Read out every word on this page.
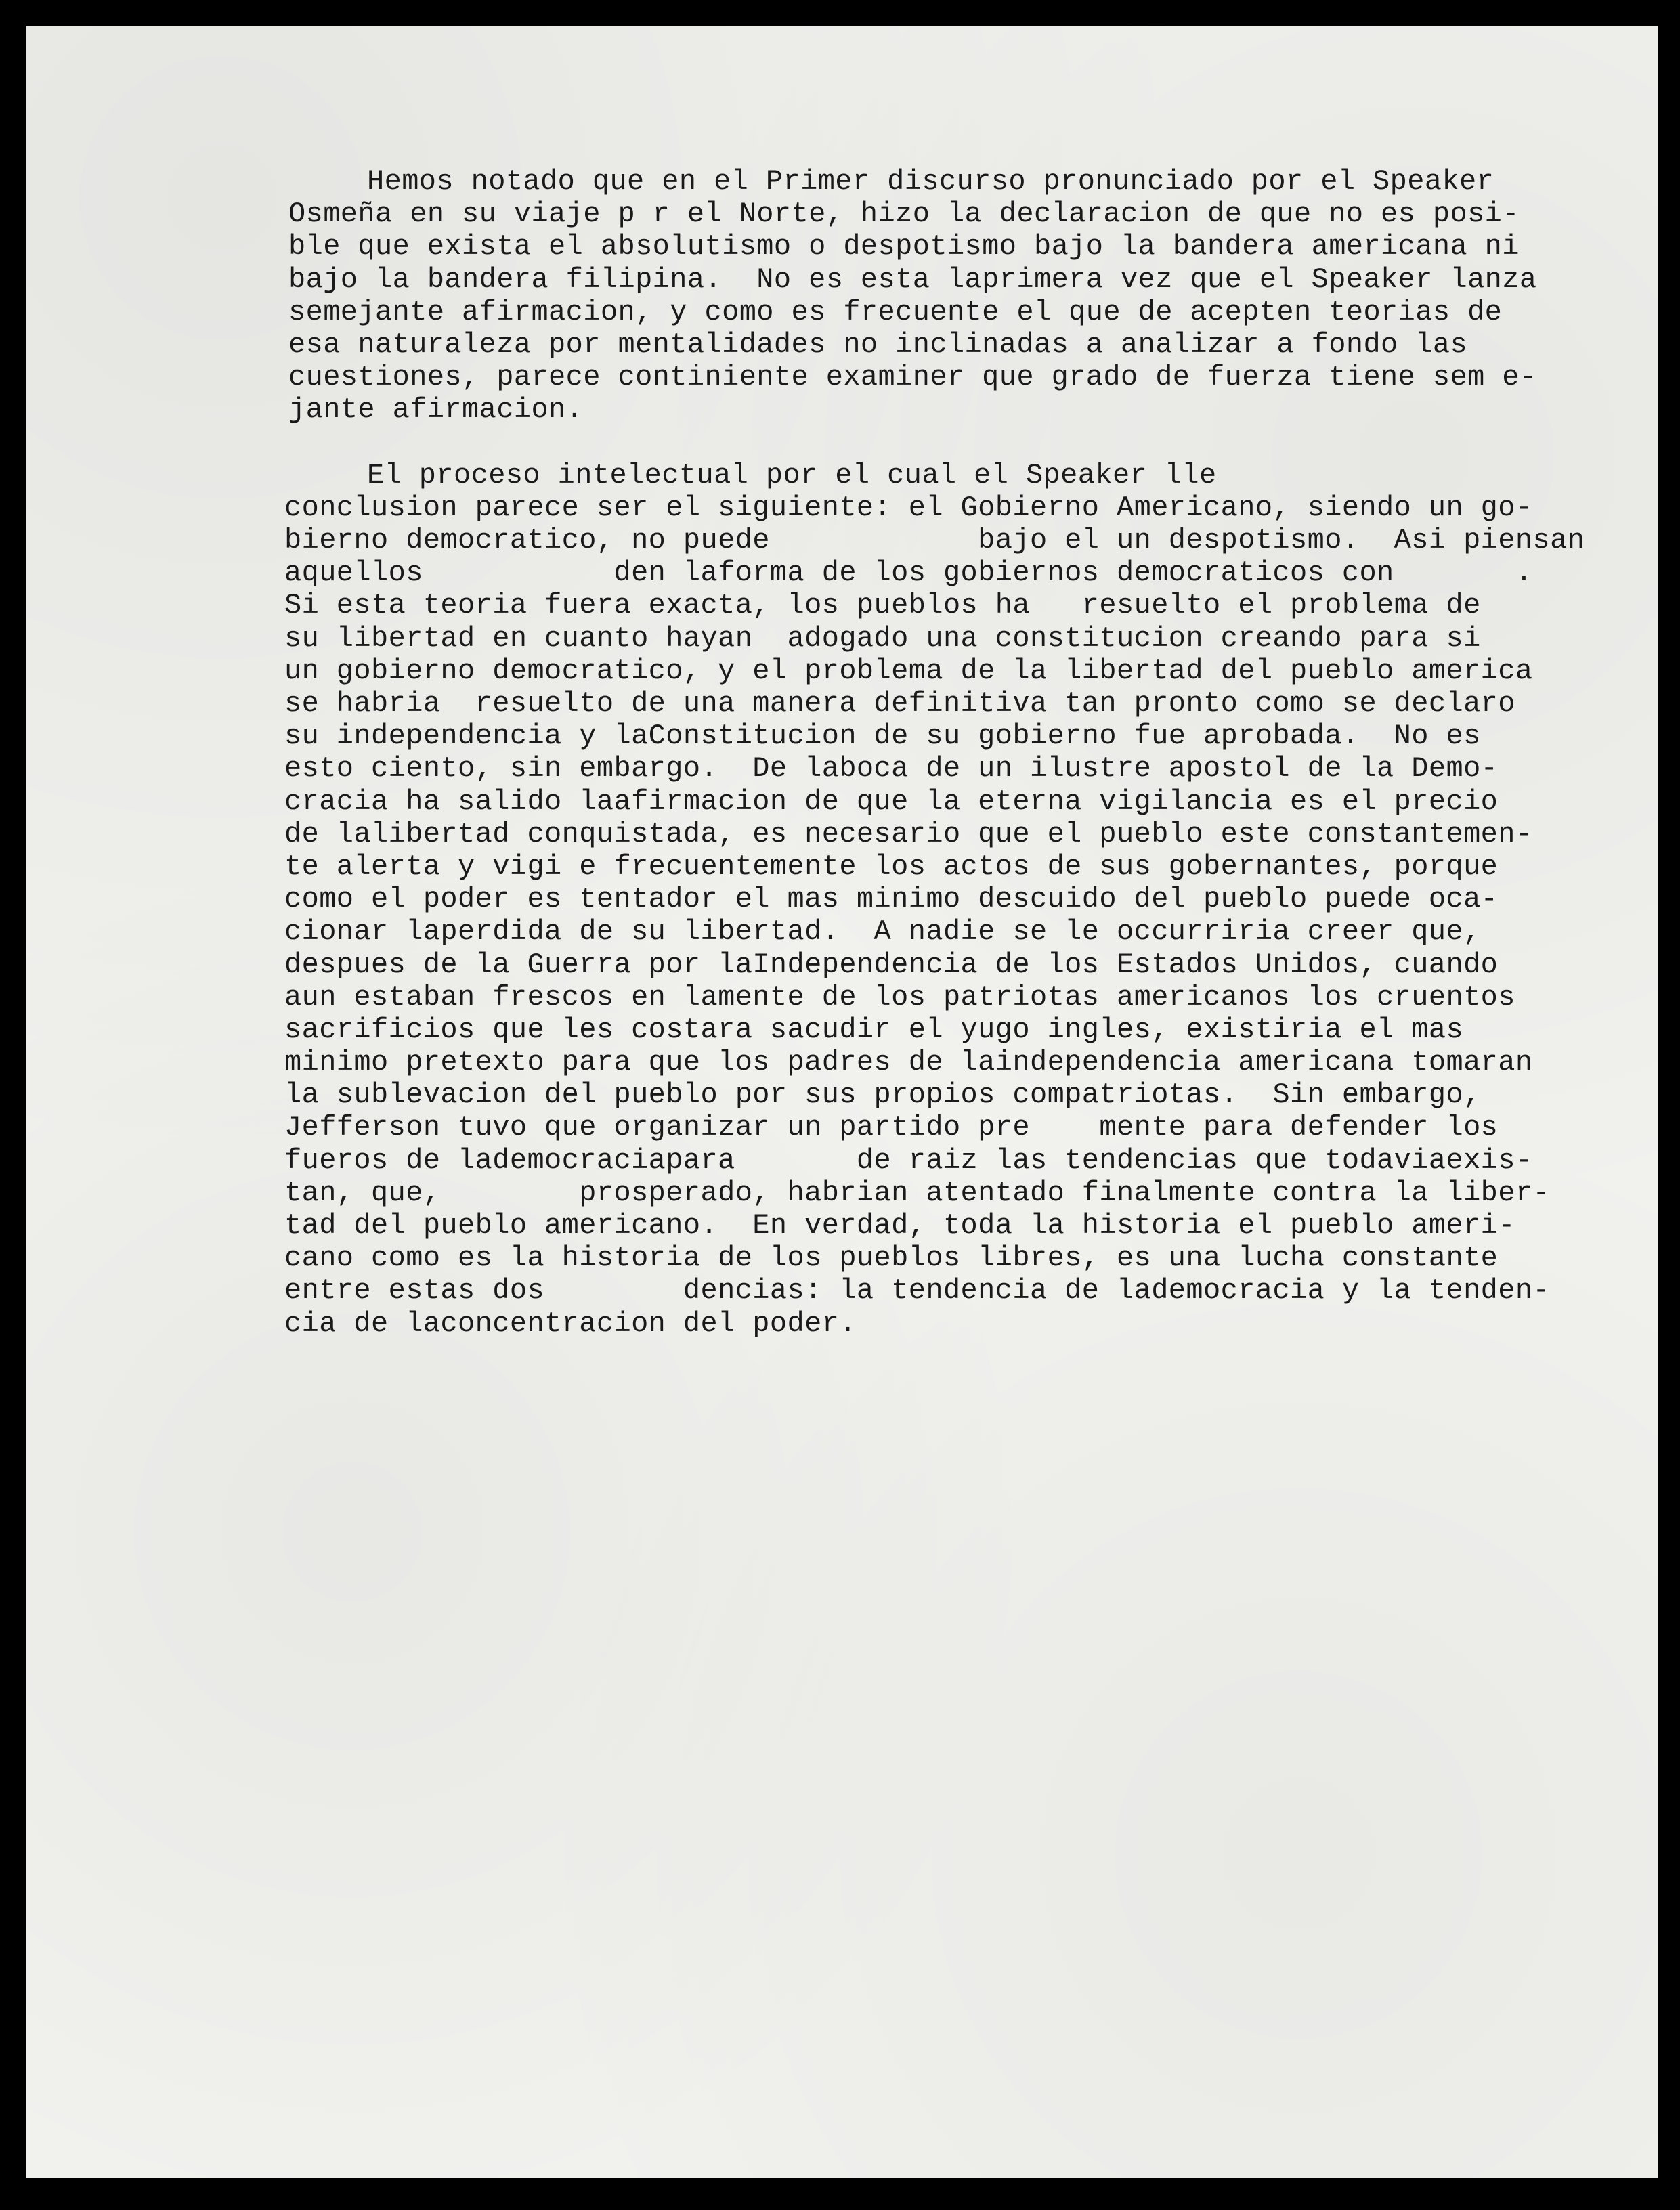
Hemos notado que en el Primer discurso pronunciado por el Speaker
Osmeña en su viaje p r el Norte, hizo la declaracion de que no es posi-
ble que exista el absolutismo o despotismo bajo la bandera americana ni
bajo la bandera filipina.  No es esta laprimera vez que el Speaker lanza
semejante afirmacion, y como es frecuente el que de acepten teorias de
esa naturaleza por mentalidades no inclinadas a analizar a fondo las
cuestiones, parece continiente examiner que grado de fuerza tiene sem e-
jante afirmacion.
El proceso intelectual por el cual el Speaker lle
conclusion parece ser el siguiente: el Gobierno Americano, siendo un go-
bierno democratico, no puede            bajo el un despotismo.  Asi piensan
aquellos           den laforma de los gobiernos democraticos con       .
Si esta teoria fuera exacta, los pueblos ha   resuelto el problema de
su libertad en cuanto hayan  adogado una constitucion creando para si
un gobierno democratico, y el problema de la libertad del pueblo america
se habria  resuelto de una manera definitiva tan pronto como se declaro
su independencia y laConstitucion de su gobierno fue aprobada.  No es
esto ciento, sin embargo.  De laboca de un ilustre apostol de la Demo-
cracia ha salido laafirmacion de que la eterna vigilancia es el precio
de lalibertad conquistada, es necesario que el pueblo este constantemen-
te alerta y vigi e frecuentemente los actos de sus gobernantes, porque
como el poder es tentador el mas minimo descuido del pueblo puede oca-
cionar laperdida de su libertad.  A nadie se le occurriria creer que,
despues de la Guerra por laIndependencia de los Estados Unidos, cuando
aun estaban frescos en lamente de los patriotas americanos los cruentos
sacrificios que les costara sacudir el yugo ingles, existiria el mas
minimo pretexto para que los padres de laindependencia americana tomaran
la sublevacion del pueblo por sus propios compatriotas.  Sin embargo,
Jefferson tuvo que organizar un partido pre    mente para defender los
fueros de lademocraciapara       de raiz las tendencias que todaviaexis-
tan, que,        prosperado, habrian atentado finalmente contra la liber-
tad del pueblo americano.  En verdad, toda la historia el pueblo ameri-
cano como es la historia de los pueblos libres, es una lucha constante
entre estas dos        dencias: la tendencia de lademocracia y la tenden-
cia de laconcentracion del poder.
